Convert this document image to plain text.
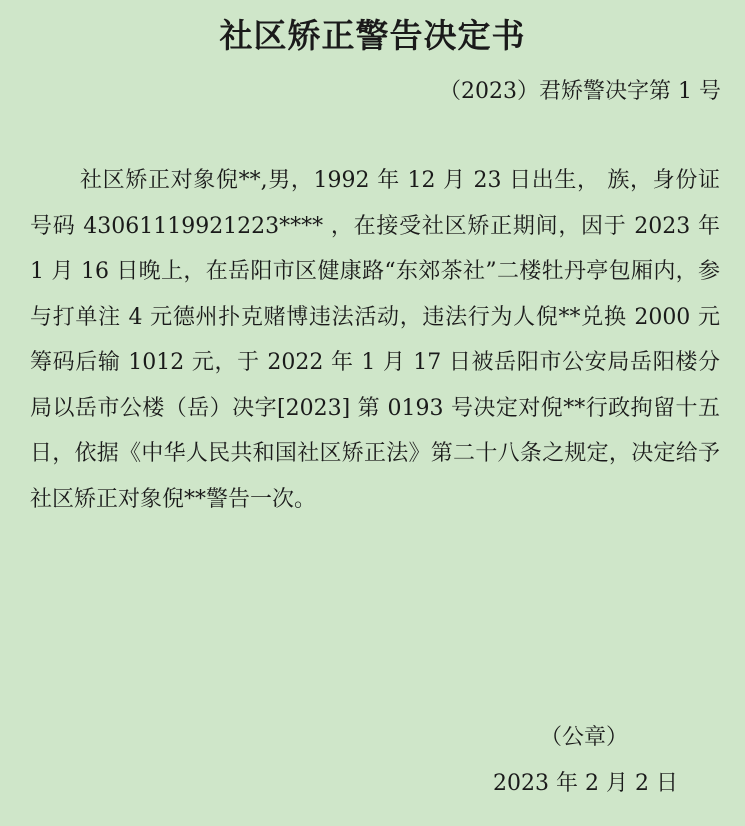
社区矫正警告决定书
（2023）君矫警决字第 1 号
社区矫正对象倪**,男，1992 年 12 月 23 日出生， 族，身份证号码 43061119921223**** ，在接受社区矫正期间，因于 2023 年 1 月 16 日晚上，在岳阳市区健康路“东郊茶社”二楼牡丹亭包厢内，参与打单注 4 元德州扑克赌博违法活动，违法行为人倪**兑换 2000 元筹码后输 1012 元，于 2022 年 1 月 17 日被岳阳市公安局岳阳楼分局以岳市公楼（岳）决字[2023] 第 0193 号决定对倪**行政拘留十五日，依据《中华人民共和国社区矫正法》第二十八条之规定，决定给予社区矫正对象倪**警告一次。
（公章）
2023 年 2 月 2 日
